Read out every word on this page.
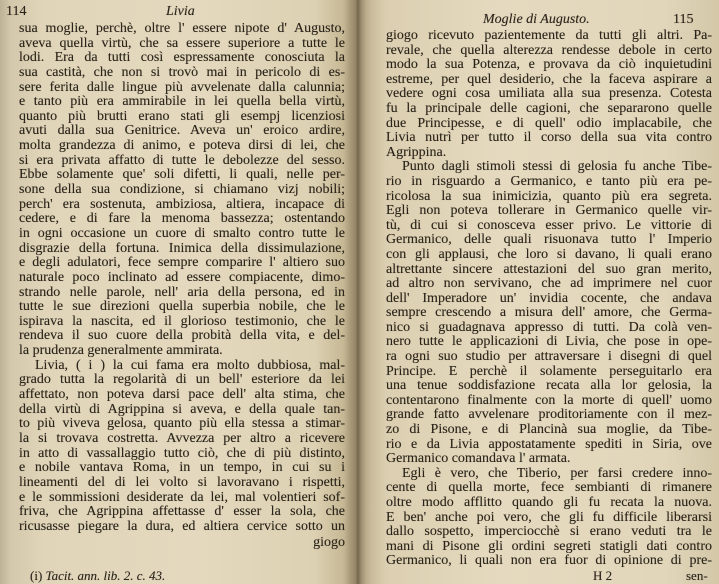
114	Livia
sua moglie, perchè, oltre l' essere nipote d' Augusto,
aveva quella virtù, che sa essere superiore a tutte le
lodi. Era da tutti così espressamente conosciuta la
sua castità, che non si trovò mai in pericolo di es-
sere ferita dalle lingue più avvelenate dalla calunnia;
e tanto più era ammirabile in lei quella bella virtù,
quanto più brutti erano stati gli esempj licenziosi
avuti dalla sua Genitrice. Aveva un' eroico ardire,
molta grandezza di animo, e poteva dirsi di lei, che
si era privata affatto di tutte le debolezze del sesso.
Ebbe solamente que' soli difetti, li quali, nelle per-
sone della sua condizione, si chiamano vizj nobili;
perch' era sostenuta, ambiziosa, altiera, incapace di
cedere, e di fare la menoma bassezza; ostentando
in ogni occasione un cuore di smalto contro tutte le
disgrazie della fortuna. Inimica della dissimulazione,
e degli adulatori, fece sempre comparire l' altiero suo
naturale poco inclinato ad essere compiacente, dimo-
strando nelle parole, nell' aria della persona, ed in
tutte le sue direzioni quella superbia nobile, che le
ispirava la nascita, ed il glorioso testimonio, che le
rendeva il suo cuore della probità della vita, e del-
la prudenza generalmente ammirata.
Livia, ( i ) la cui fama era molto dubbiosa, mal-
grado tutta la regolarità di un bell' esteriore da lei
affettato, non poteva darsi pace dell' alta stima, che
della virtù di Agrippina si aveva, e della quale tan-
to più viveva gelosa, quanto più ella stessa a stimar-
la si trovava costretta. Avvezza per altro a ricevere
in atto di vassallaggio tutto ciò, che di più distinto,
e nobile vantava Roma, in un tempo, in cui su i
lineamenti del di lei volto si lavoravano i rispetti,
e le sommissioni desiderate da lei, mal volentieri sof-
friva, che Agrippina affettasse d' esser la sola, che
ricusasse piegare la dura, ed altiera cervice sotto un
giogo
(i) Tacit. ann. lib. 2. c. 43.
Moglie di Augusto.	115
giogo ricevuto pazientemente da tutti gli altri. Pa-
revale, che quella alterezza rendesse debole in certo
modo la sua Potenza, e provava da ciò inquietudini
estreme, per quel desiderio, che la faceva aspirare a
vedere ogni cosa umiliata alla sua presenza. Cotesta
fu la principale delle cagioni, che separarono quelle
due Principesse, e di quell' odio implacabile, che
Livia nutrì per tutto il corso della sua vita contro
Agrippina.
Punto dagli stimoli stessi di gelosia fu anche Tibe-
rio in risguardo a Germanico, e tanto più era pe-
ricolosa la sua inimicizia, quanto più era segreta.
Egli non poteva tollerare in Germanico quelle vir-
tù, di cui si conosceva esser privo. Le vittorie di
Germanico, delle quali risuonava tutto l' Imperio
con gli applausi, che loro si davano, li quali erano
altrettante sincere attestazioni del suo gran merito,
ad altro non servivano, che ad imprimere nel cuor
dell' Imperadore un' invidia cocente, che andava
sempre crescendo a misura dell' amore, che Germa-
nico si guadagnava appresso di tutti. Da colà ven-
nero tutte le applicazioni di Livia, che pose in ope-
ra ogni suo studio per attraversare i disegni di quel
Principe. E perchè il solamente perseguitarlo era
una tenue soddisfazione recata alla lor gelosia, la
contentarono finalmente con la morte di quell' uomo
grande fatto avvelenare proditoriamente con il mez-
zo di Pisone, e di Plancinà sua moglie, da Tibe-
rio e da Livia appostatamente spediti in Siria, ove
Germanico comandava l' armata.
Egli è vero, che Tiberio, per farsi credere inno-
cente di quella morte, fece sembianti di rimanere
oltre modo afflitto quando gli fu recata la nuova.
E ben' anche poi vero, che gli fu difficile liberarsi
dallo sospetto, imperciocchè si erano veduti tra le
mani di Pisone gli ordini segreti statigli dati contro
Germanico, li quali non era fuor di opinione di pre-
H 2	sen-
